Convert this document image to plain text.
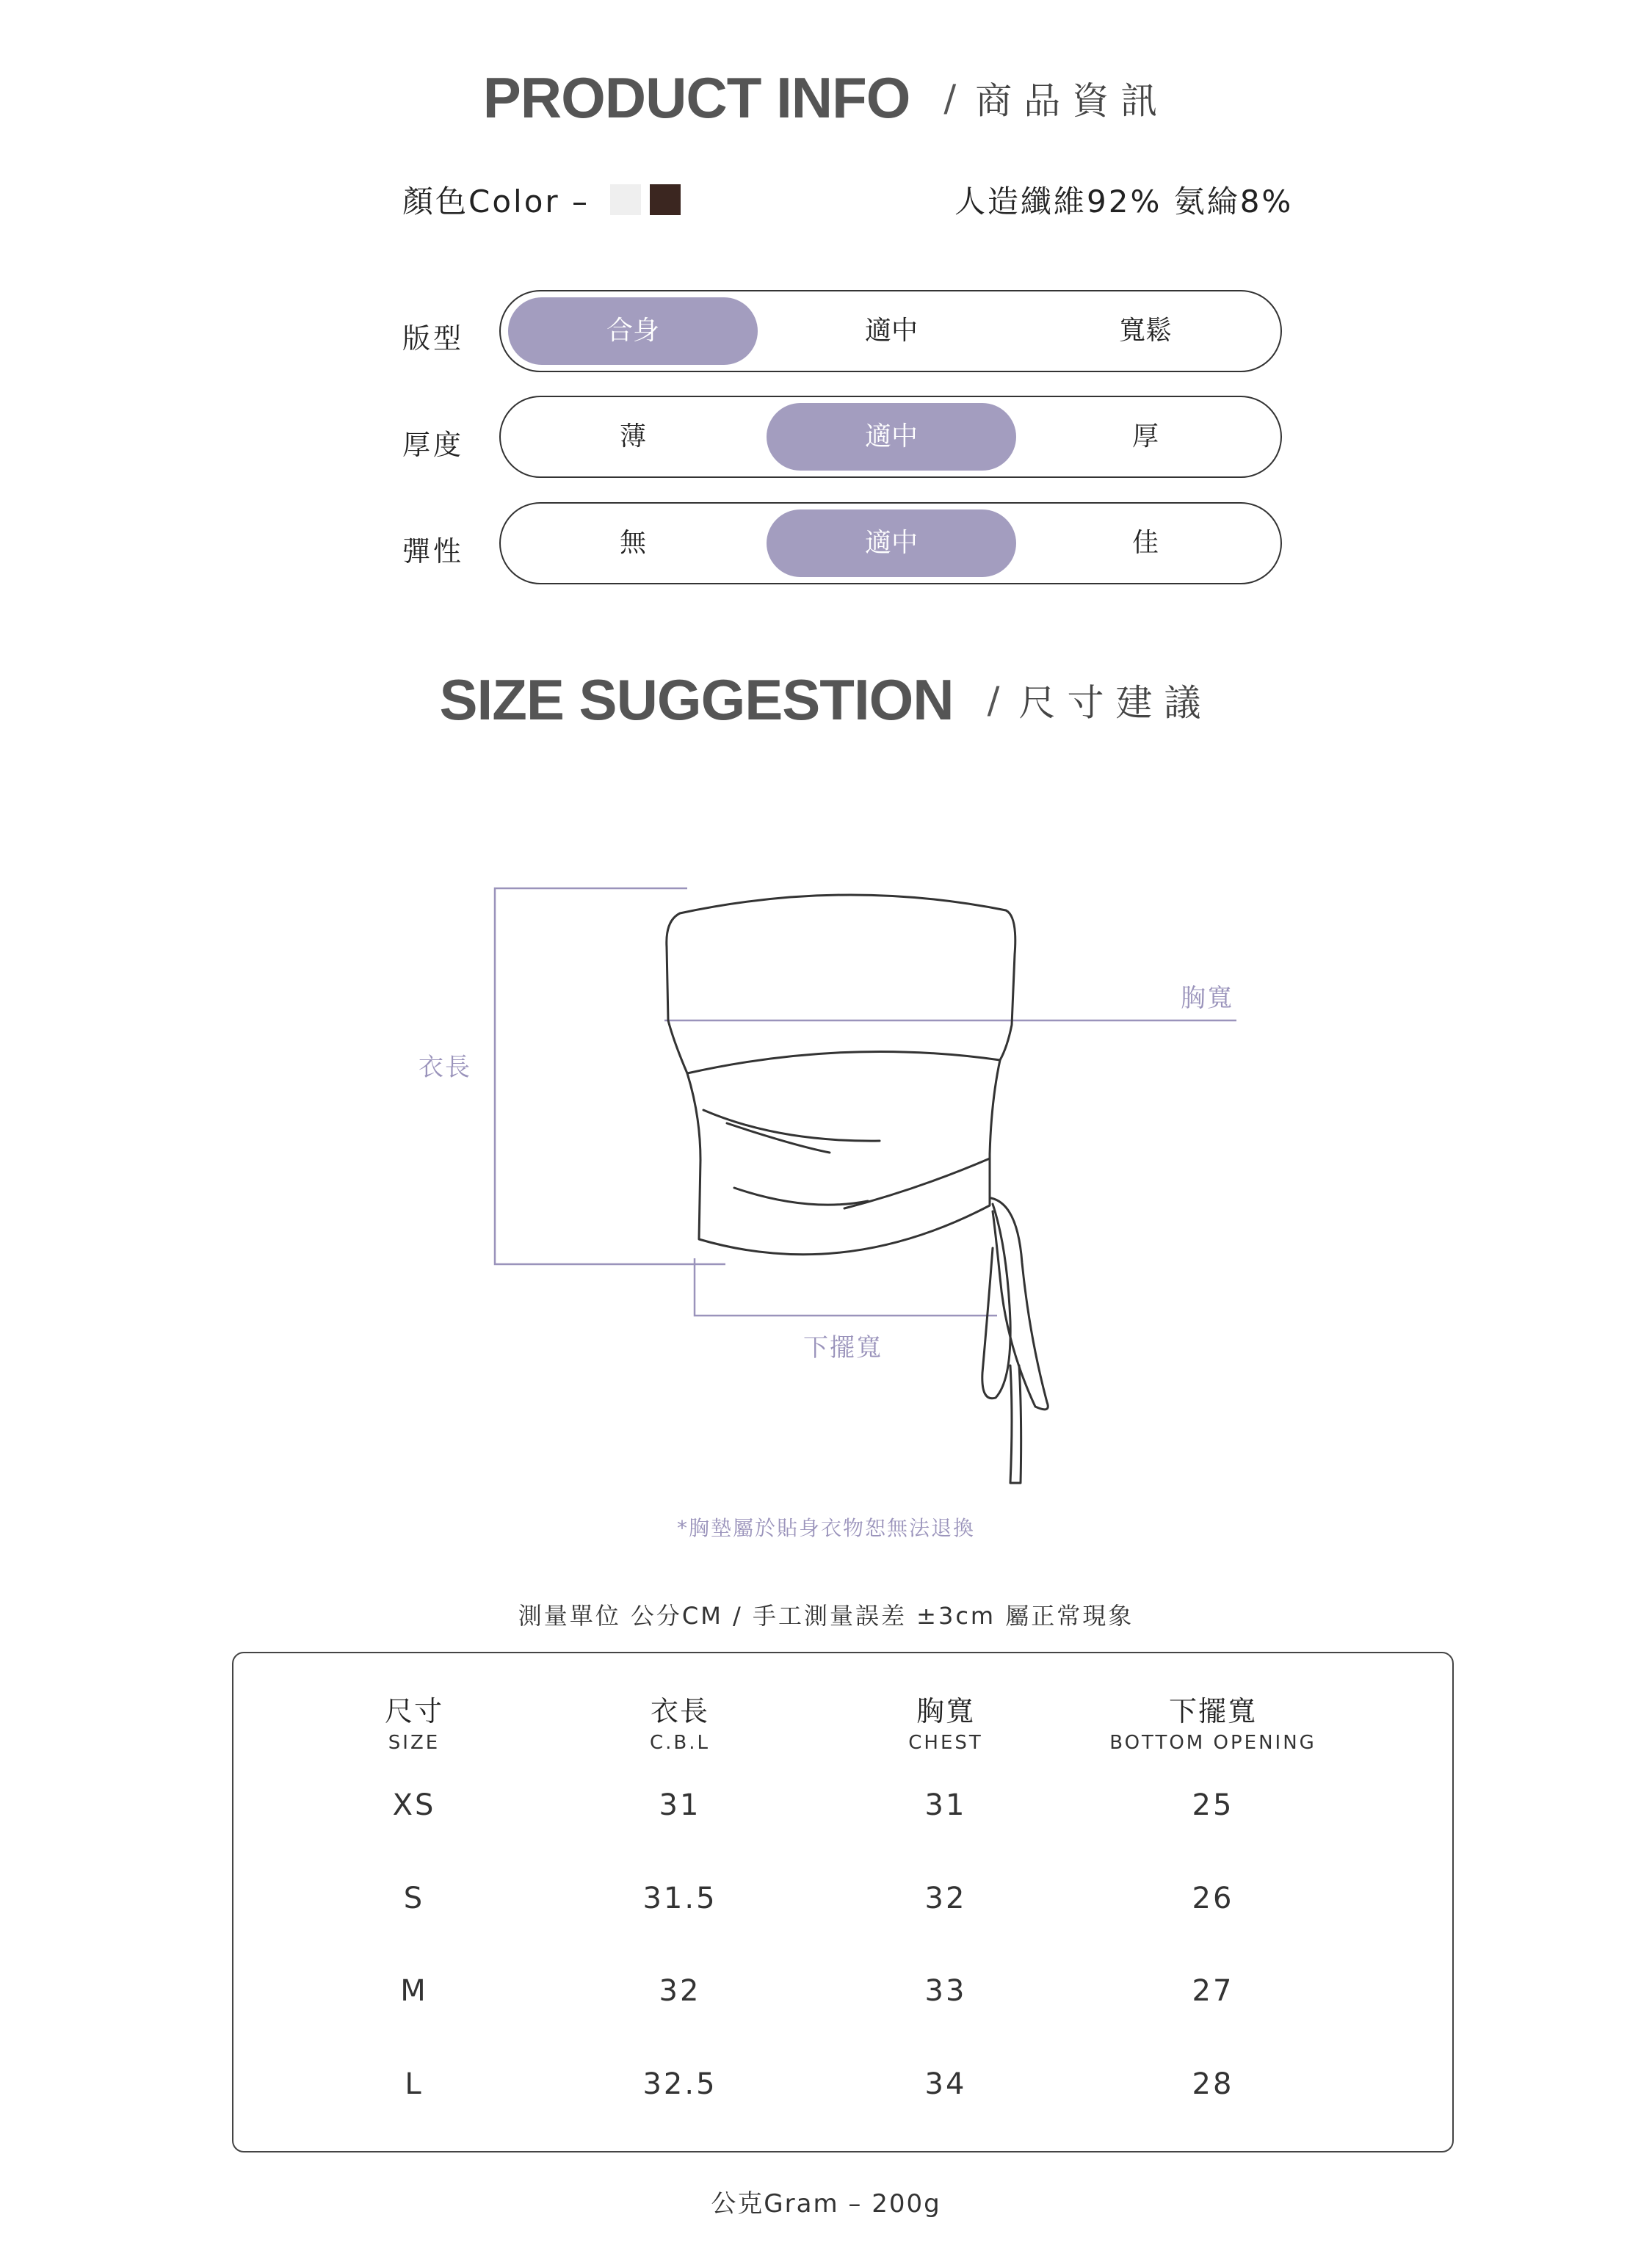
PRODUCT INFO / 商品資訊
顏色Color –	人造纖維92% 氨綸8%
版型	合身	適中	寬鬆
厚度	薄	適中	厚
彈性	無	適中	佳
SIZE SUGGESTION / 尺寸建議
衣長
胸寬
下擺寬
*胸墊屬於貼身衣物恕無法退換
測量單位 公分CM / 手工測量誤差 ±3cm 屬正常現象
尺寸
SIZE
衣長
C.B.L
胸寬
CHEST
下擺寬
BOTTOM OPENING
XS	31	31	25
S	31.5	32	26
M	32	33	27
L	32.5	34	28
公克Gram – 200g
